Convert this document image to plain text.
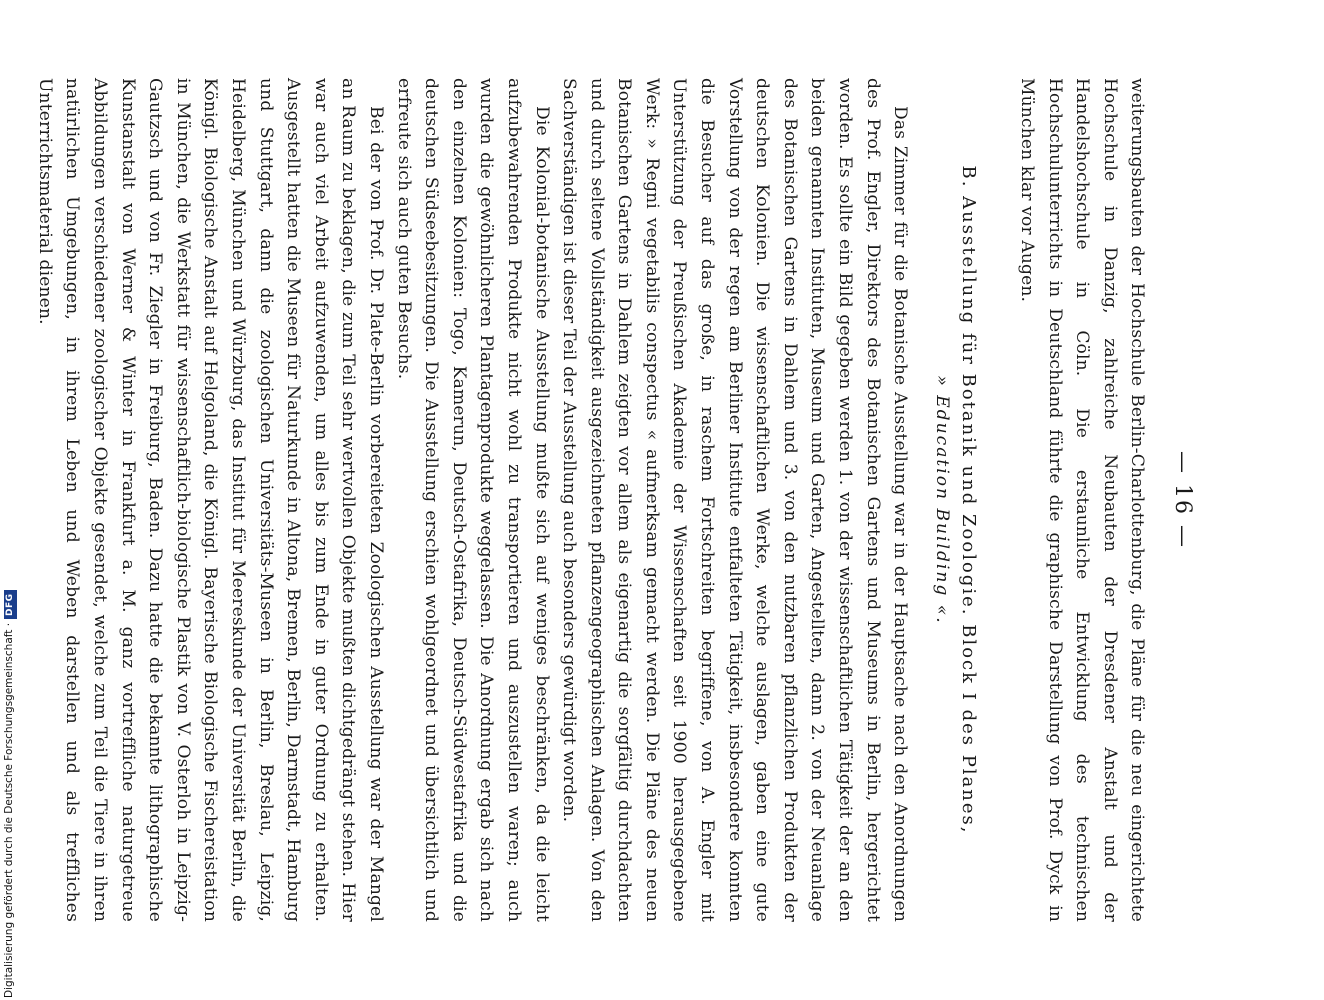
Digitalisierung gefördert durch die Deutsche Forschungsgemeinschaft ·DFG
— 16 —

weiterungsbauten der Hochschule Berlin-Charlottenburg, die Pläne für die neu eingerichtete Hochschule in Danzig, zahlreiche Neubauten der Dresdener Anstalt und der Handelshochschule in Cöln. Die erstaunliche Entwicklung des technischen Hochschulunterrichts in Deutschland führte die graphische Darstellung von Prof. Dyck in München klar vor Augen.

B. Ausstellung für Botanik und Zoologie. Block I des Planes,
» Education Building «.

Das Zimmer für die Botanische Ausstellung war in der Hauptsache nach den Anordnungen des Prof. Engler, Direktors des Botanischen Gartens und Museums in Berlin, hergerichtet worden. Es sollte ein Bild gegeben werden 1. von der wissenschaftlichen Tätigkeit der an den beiden genannten Instituten, Museum und Garten, Angestellten, dann 2. von der Neuanlage des Botanischen Gartens in Dahlem und 3. von den nutzbaren pflanzlichen Produkten der deutschen Kolonien. Die wissenschaftlichen Werke, welche auslagen, gaben eine gute Vorstellung von der regen am Berliner Institute entfalteten Tätigkeit, insbesondere konnten die Besucher auf das große, in raschem Fortschreiten begriffene, von A. Engler mit Unterstützung der Preußischen Akademie der Wissenschaften seit 1900 herausgegebene Werk: » Regni vegetabilis conspectus « aufmerksam gemacht werden. Die Pläne des neuen Botanischen Gartens in Dahlem zeigten vor allem als eigenartig die sorgfältig durchdachten und durch seltene Vollständigkeit ausgezeichneten pflanzengeographischen Anlagen. Von den Sachverständigen ist dieser Teil der Ausstellung auch besonders gewürdigt worden.

Die Kolonial-botanische Ausstellung mußte sich auf weniges beschränken, da die leicht aufzubewahrenden Produkte nicht wohl zu transportieren und auszustellen waren; auch wurden die gewöhnlicheren Plantagenprodukte weggelassen. Die Anordnung ergab sich nach den einzelnen Kolonien: Togo, Kamerun, Deutsch-Ostafrika, Deutsch-Südwestafrika und die deutschen Südseebesitzungen. Die Ausstellung erschien wohlgeordnet und übersichtlich und erfreute sich auch guten Besuchs.

Bei der von Prof. Dr. Plate-Berlin vorbereiteten Zoologischen Ausstellung war der Mangel an Raum zu beklagen, die zum Teil sehr wertvollen Objekte mußten dichtgedrängt stehen. Hier war auch viel Arbeit aufzuwenden, um alles bis zum Ende in guter Ordnung zu erhalten. Ausgestellt hatten die Museen für Naturkunde in Altona, Bremen, Berlin, Darmstadt, Hamburg und Stuttgart, dann die zoologischen Universitäts-Museen in Berlin, Breslau, Leipzig, Heidelberg, München und Würzburg, das Institut für Meereskunde der Universität Berlin, die Königl. Biologische Anstalt auf Helgoland, die Königl. Bayerische Biologische Fischereistation in München, die Werkstatt für wissenschaftlich-biologische Plastik von V. Osterloh in Leipzig-Gautzsch und von Fr. Ziegler in Freiburg, Baden. Dazu hatte die bekannte lithographische Kunstanstalt von Werner & Winter in Frankfurt a. M. ganz vortreffliche naturgetreue Abbildungen verschiedener zoologischer Objekte gesendet, welche zum Teil die Tiere in ihren natürlichen Umgebungen, in ihrem Leben und Weben darstellen und als treffliches Unterrichtsmaterial dienen.
